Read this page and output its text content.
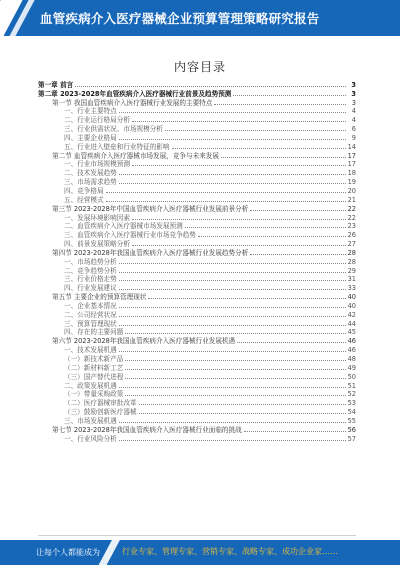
血管疾病介入医疗器械企业预算管理策略研究报告
内容目录
第一章 前言	3
第二章 2023-2028年血管疾病介入医疗器械行业前景及趋势预测	3
第一节 我国血管疾病介入医疗器械行业发展的主要特点	3
一、行业主要特点	4
二、行业运行格局分析	4
三、行业供需状况、市场规模分析	6
四、主要企业格局	9
五、行业进入壁垒和行业特征的影响	14
第二节 血管疾病介入医疗器械市场发展，竞争与未来发展	17
一、行业市场规模预测	17
二、技术发展趋势	18
三、市场需求趋势	19
四、竞争格局	20
五、经营模式	21
第三节 2023-2028年中国血管疾病介入医疗器械行业发展前景分析	22
一、发展环境影响因素	22
二、血管疾病介入医疗器械市场发展预测	23
三、血管疾病介入医疗器械行业市场竞争趋势	26
四、前景发展策略分析	27
第四节 2023-2028年我国血管疾病介入医疗器械行业发展趋势分析	28
一、市场趋势分析	28
二、竞争趋势分析	29
三、行业价格走势	31
四、行业发展建议	33
第五节 主要企业的预算管理现状	40
一、企业基本情况	40
二、公司经营状况	42
三、预算管理现状	44
四、存在的主要问题	45
第六节 2023-2028年我国血管疾病介入医疗器械行业发展机遇	46
一、技术发展机遇	46
（一）新技术新产品	48
（二）新材料新工艺	49
（三）国产替代进程	50
二、政策发展机遇	51
（一）带量采购政策	52
（二）医疗器械审批改革	53
（三）鼓励创新医疗器械	54
三、市场发展机遇	55
第七节 2023-2028年我国血管疾病介入医疗器械行业面临的挑战	56
一、行业风险分析	57
让每个人都能成为	行业专家、管理专家、营销专家、战略专家、成功企业家……
